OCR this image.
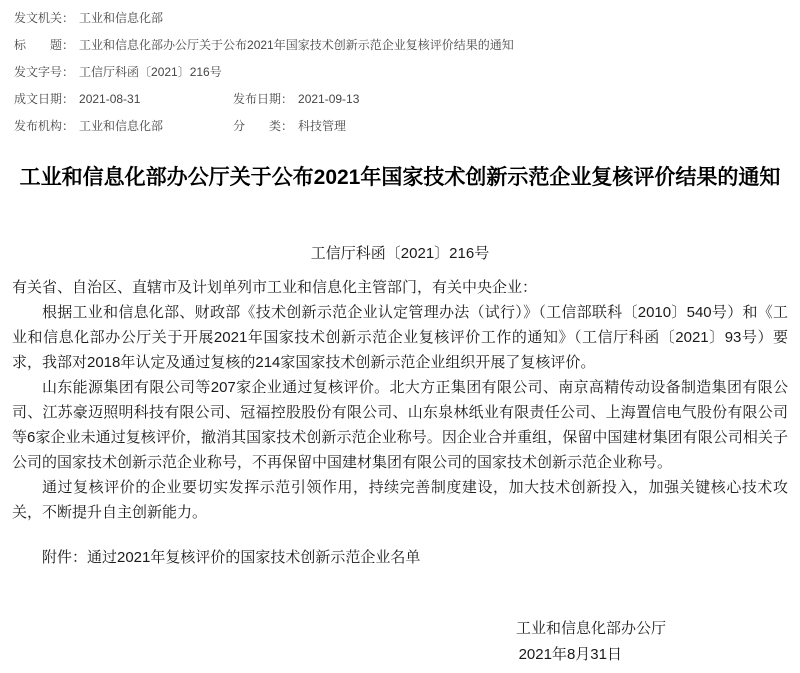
发文机关： 工业和信息化部
标　　题： 工业和信息化部办公厅关于公布2021年国家技术创新示范企业复核评价结果的通知
发文字号： 工信厅科函〔2021〕216号
成文日期： 2021-08-31	发布日期： 2021-09-13
发布机构： 工业和信息化部	分　　类： 科技管理
工业和信息化部办公厅关于公布2021年国家技术创新示范企业复核评价结果的通知
工信厅科函〔2021〕216号

有关省、自治区、直辖市及计划单列市工业和信息化主管部门，有关中央企业：

根据工业和信息化部、财政部《技术创新示范企业认定管理办法（试行）》（工信部联科〔2010〕540号）和《工业和信息化部办公厅关于开展2021年国家技术创新示范企业复核评价工作的通知》（工信厅科函〔2021〕93号）要求，我部对2018年认定及通过复核的214家国家技术创新示范企业组织开展了复核评价。

山东能源集团有限公司等207家企业通过复核评价。北大方正集团有限公司、南京高精传动设备制造集团有限公司、江苏豪迈照明科技有限公司、冠福控股股份有限公司、山东泉林纸业有限责任公司、上海置信电气股份有限公司等6家企业未通过复核评价，撤消其国家技术创新示范企业称号。因企业合并重组，保留中国建材集团有限公司相关子公司的国家技术创新示范企业称号，不再保留中国建材集团有限公司的国家技术创新示范企业称号。

通过复核评价的企业要切实发挥示范引领作用，持续完善制度建设，加大技术创新投入，加强关键核心技术攻关，不断提升自主创新能力。

附件：通过2021年复核评价的国家技术创新示范企业名单

工业和信息化部办公厅
2021年8月31日
